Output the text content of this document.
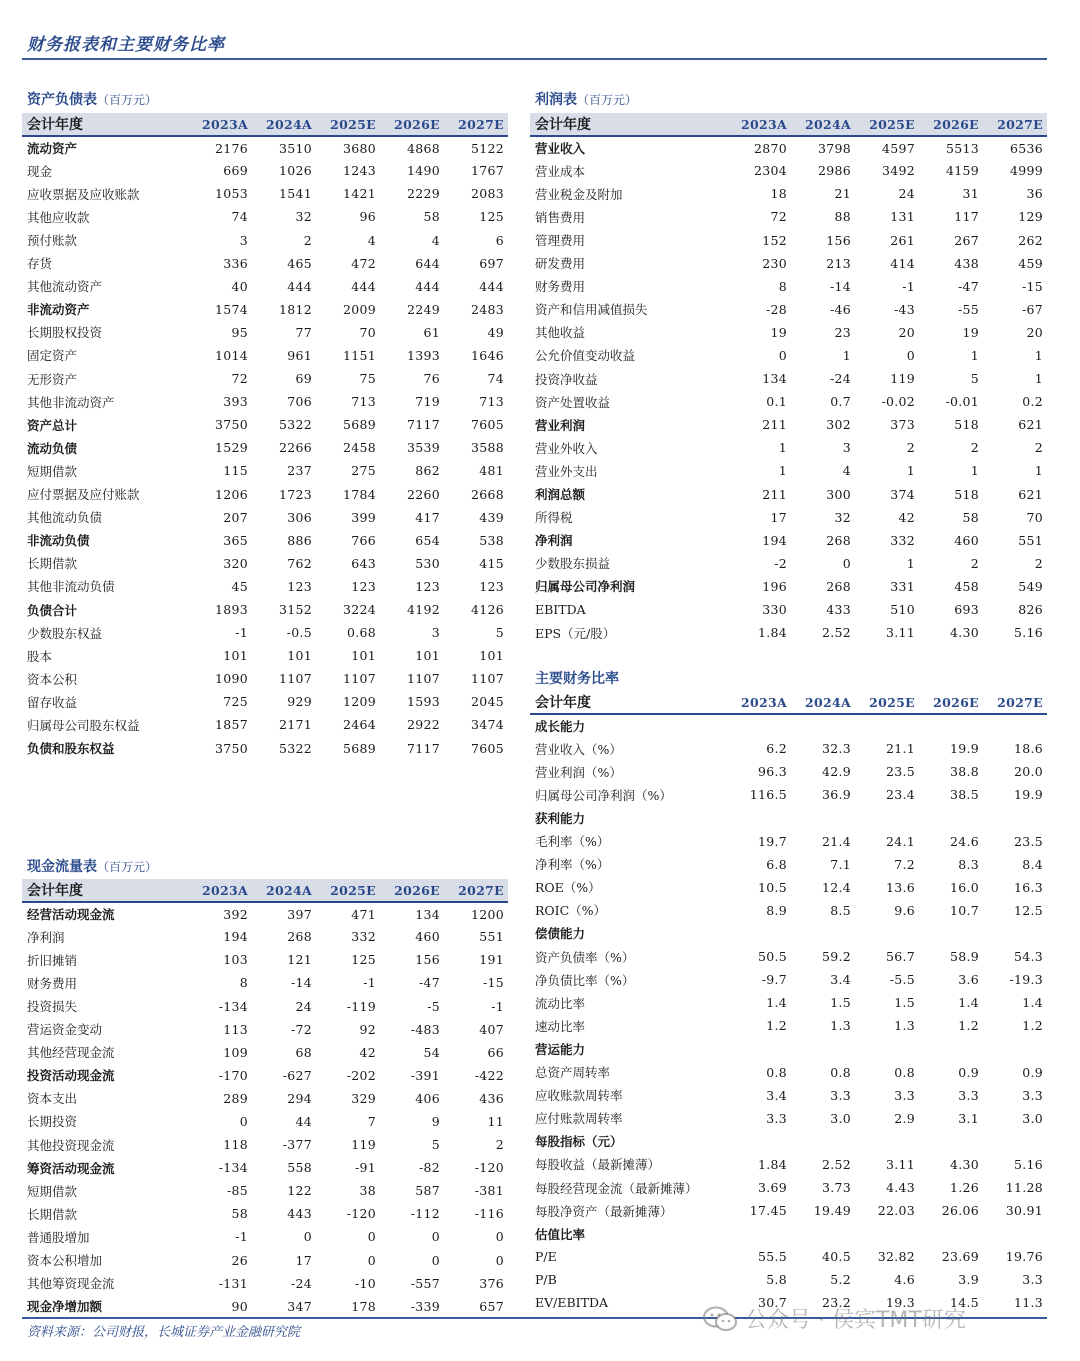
财务报表和主要财务比率
资产负债表（百万元）
会计年度	2023A	2024A	2025E	2026E	2027E
流动资产	2176	3510	3680	4868	5122
现金	669	1026	1243	1490	1767
应收票据及应收账款	1053	1541	1421	2229	2083
其他应收款	74	32	96	58	125
预付账款	3	2	4	4	6
存货	336	465	472	644	697
其他流动资产	40	444	444	444	444
非流动资产	1574	1812	2009	2249	2483
长期股权投资	95	77	70	61	49
固定资产	1014	961	1151	1393	1646
无形资产	72	69	75	76	74
其他非流动资产	393	706	713	719	713
资产总计	3750	5322	5689	7117	7605
流动负债	1529	2266	2458	3539	3588
短期借款	115	237	275	862	481
应付票据及应付账款	1206	1723	1784	2260	2668
其他流动负债	207	306	399	417	439
非流动负债	365	886	766	654	538
长期借款	320	762	643	530	415
其他非流动负债	45	123	123	123	123
负债合计	1893	3152	3224	4192	4126
少数股东权益	-1	-0.5	0.68	3	5
股本	101	101	101	101	101
资本公积	1090	1107	1107	1107	1107
留存收益	725	929	1209	1593	2045
归属母公司股东权益	1857	2171	2464	2922	3474
负债和股东权益	3750	5322	5689	7117	7605
利润表（百万元）
会计年度	2023A	2024A	2025E	2026E	2027E
营业收入	2870	3798	4597	5513	6536
营业成本	2304	2986	3492	4159	4999
营业税金及附加	18	21	24	31	36
销售费用	72	88	131	117	129
管理费用	152	156	261	267	262
研发费用	230	213	414	438	459
财务费用	8	-14	-1	-47	-15
资产和信用减值损失	-28	-46	-43	-55	-67
其他收益	19	23	20	19	20
公允价值变动收益	0	1	0	1	1
投资净收益	134	-24	119	5	1
资产处置收益	0.1	0.7	-0.02	-0.01	0.2
营业利润	211	302	373	518	621
营业外收入	1	3	2	2	2
营业外支出	1	4	1	1	1
利润总额	211	300	374	518	621
所得税	17	32	42	58	70
净利润	194	268	332	460	551
少数股东损益	-2	0	1	2	2
归属母公司净利润	196	268	331	458	549
EBITDA	330	433	510	693	826
EPS（元/股）	1.84	2.52	3.11	4.30	5.16
现金流量表（百万元）
会计年度	2023A	2024A	2025E	2026E	2027E
经营活动现金流	392	397	471	134	1200
净利润	194	268	332	460	551
折旧摊销	103	121	125	156	191
财务费用	8	-14	-1	-47	-15
投资损失	-134	24	-119	-5	-1
营运资金变动	113	-72	92	-483	407
其他经营现金流	109	68	42	54	66
投资活动现金流	-170	-627	-202	-391	-422
资本支出	289	294	329	406	436
长期投资	0	44	7	9	11
其他投资现金流	118	-377	119	5	2
筹资活动现金流	-134	558	-91	-82	-120
短期借款	-85	122	38	587	-381
长期借款	58	443	-120	-112	-116
普通股增加	-1	0	0	0	0
资本公积增加	26	17	0	0	0
其他筹资现金流	-131	-24	-10	-557	376
现金净增加额	90	347	178	-339	657
主要财务比率
会计年度	2023A	2024A	2025E	2026E	2027E
成长能力					
营业收入（%）	6.2	32.3	21.1	19.9	18.6
营业利润（%）	96.3	42.9	23.5	38.8	20.0
归属母公司净利润（%）	116.5	36.9	23.4	38.5	19.9
获利能力					
毛利率（%）	19.7	21.4	24.1	24.6	23.5
净利率（%）	6.8	7.1	7.2	8.3	8.4
ROE（%）	10.5	12.4	13.6	16.0	16.3
ROIC（%）	8.9	8.5	9.6	10.7	12.5
偿债能力					
资产负债率（%）	50.5	59.2	56.7	58.9	54.3
净负债比率（%）	-9.7	3.4	-5.5	3.6	-19.3
流动比率	1.4	1.5	1.5	1.4	1.4
速动比率	1.2	1.3	1.3	1.2	1.2
营运能力					
总资产周转率	0.8	0.8	0.8	0.9	0.9
应收账款周转率	3.4	3.3	3.3	3.3	3.3
应付账款周转率	3.3	3.0	2.9	3.1	3.0
每股指标（元）					
每股收益（最新摊薄）	1.84	2.52	3.11	4.30	5.16
每股经营现金流（最新摊薄）	3.69	3.73	4.43	1.26	11.28
每股净资产（最新摊薄）	17.45	19.49	22.03	26.06	30.91
估值比率					
P/E	55.5	40.5	32.82	23.69	19.76
P/B	5.8	5.2	4.6	3.9	3.3
EV/EBITDA	30.7	23.2	19.3	14.5	11.3
资料来源：公司财报，长城证券产业金融研究院	公众号 · 侯宾TMT研究
